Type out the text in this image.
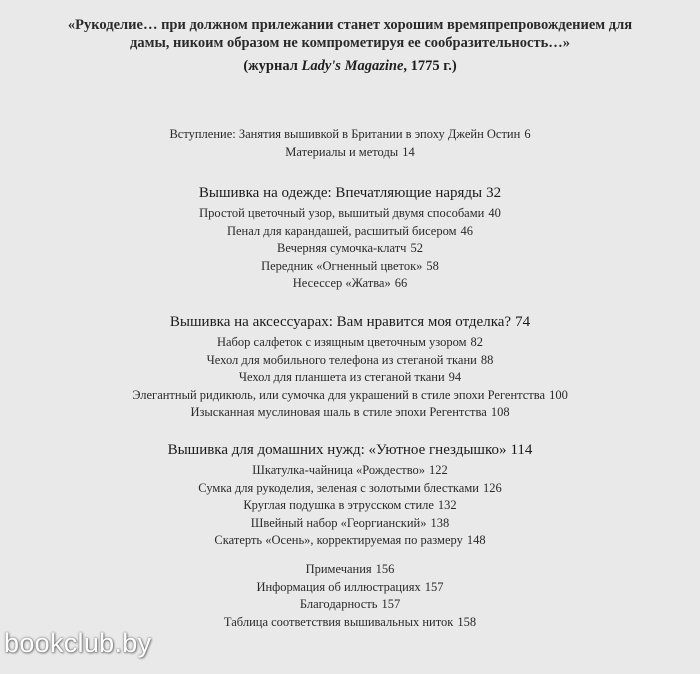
«Рукоделие… при должном прилежании станет хорошим времяпрепровождением для
дамы, никоим образом не компрометируя ее сообразительность…»
(журнал Lady's Magazine, 1775 г.)
Вступление: Занятия вышивкой в Британии в эпоху Джейн Остин 6
Материалы и методы 14
Вышивка на одежде: Впечатляющие наряды 32
Простой цветочный узор, вышитый двумя способами 40
Пенал для карандашей, расшитый бисером 46
Вечерняя сумочка-клатч 52
Передник «Огненный цветок» 58
Несессер «Жатва» 66
Вышивка на аксессуарах: Вам нравится моя отделка? 74
Набор салфеток с изящным цветочным узором 82
Чехол для мобильного телефона из стеганой ткани 88
Чехол для планшета из стеганой ткани 94
Элегантный ридикюль, или сумочка для украшений в стиле эпохи Регентства 100
Изысканная муслиновая шаль в стиле эпохи Регентства 108
Вышивка для домашних нужд: «Уютное гнездышко» 114
Шкатулка-чайница «Рождество» 122
Сумка для рукоделия, зеленая с золотыми блестками 126
Круглая подушка в этрусском стиле 132
Швейный набор «Георгианский» 138
Скатерть «Осень», корректируемая по размеру 148
Примечания 156
Информация об иллюстрациях 157
Благодарность 157
Таблица соответствия вышивальных ниток 158
bookclub.by
